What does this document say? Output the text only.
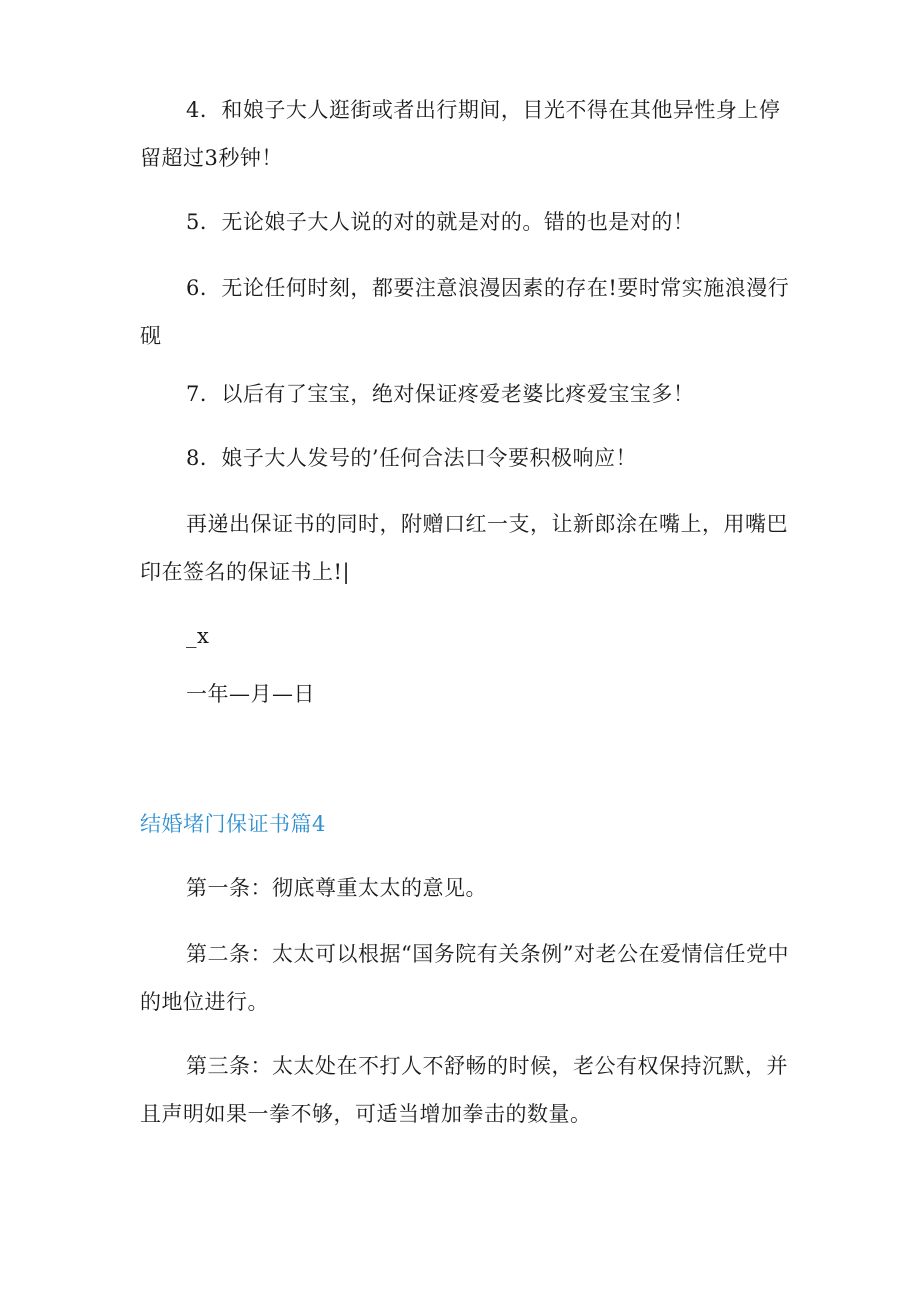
4．和娘子大人逛街或者出行期间，目光不得在其他异性身上停留超过3秒钟！
5．无论娘子大人说的对的就是对的。错的也是对的！
6．无论任何时刻，都要注意浪漫因素的存在!要时常实施浪漫行砚
7．以后有了宝宝，绝对保证疼爱老婆比疼爱宝宝多！
8．娘子大人发号的’任何合法口令要积极响应！
再递出保证书的同时，附赠口红一支，让新郎涂在嘴上，用嘴巴印在签名的保证书上!|
_x
一年—月—日
结婚堵门保证书篇4
第一条：彻底尊重太太的意见。
第二条：太太可以根据“国务院有关条例”对老公在爱情信任党中的地位进行。
第三条：太太处在不打人不舒畅的时候，老公有权保持沉默，并且声明如果一拳不够，可适当增加拳击的数量。
